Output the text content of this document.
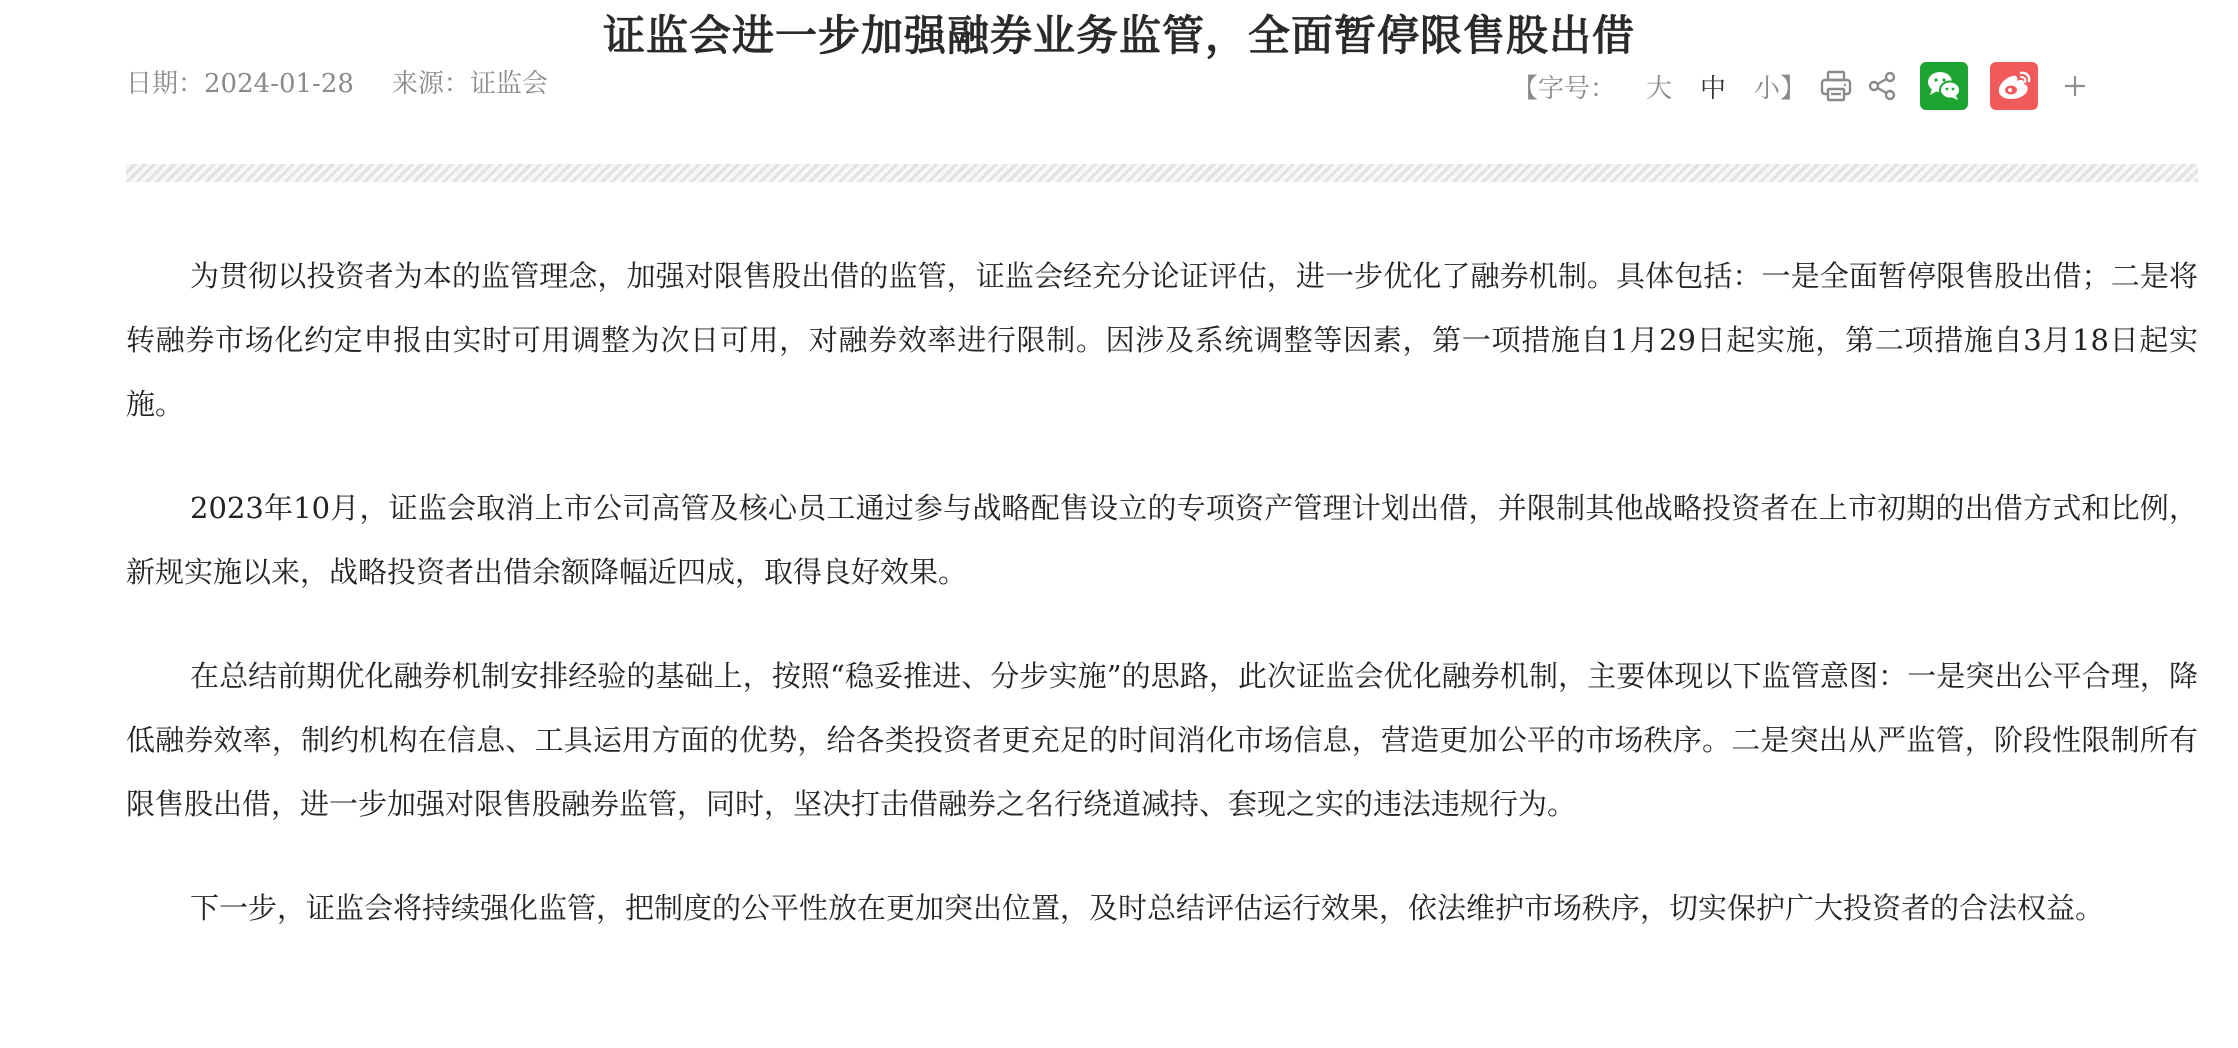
证监会进一步加强融券业务监管，全面暂停限售股出借
日期： 2024-01-28 来源： 证监会	【字号： 大 中 小】

为贯彻以投资者为本的监管理念，加强对限售股出借的监管，证监会经充分论证评估，进一步优化了融券机制。具体包括：一是全面暂停限售股出借；二是将转融券市场化约定申报由实时可用调整为次日可用，对融券效率进行限制。因涉及系统调整等因素，第一项措施自1月29日起实施，第二项措施自3月18日起实施。

2023年10月，证监会取消上市公司高管及核心员工通过参与战略配售设立的专项资产管理计划出借，并限制其他战略投资者在上市初期的出借方式和比例，新规实施以来，战略投资者出借余额降幅近四成，取得良好效果。

在总结前期优化融券机制安排经验的基础上，按照“稳妥推进、分步实施”的思路，此次证监会优化融券机制，主要体现以下监管意图：一是突出公平合理，降低融券效率，制约机构在信息、工具运用方面的优势，给各类投资者更充足的时间消化市场信息，营造更加公平的市场秩序。二是突出从严监管，阶段性限制所有限售股出借，进一步加强对限售股融券监管，同时，坚决打击借融券之名行绕道减持、套现之实的违法违规行为。

下一步，证监会将持续强化监管，把制度的公平性放在更加突出位置，及时总结评估运行效果，依法维护市场秩序，切实保护广大投资者的合法权益。
